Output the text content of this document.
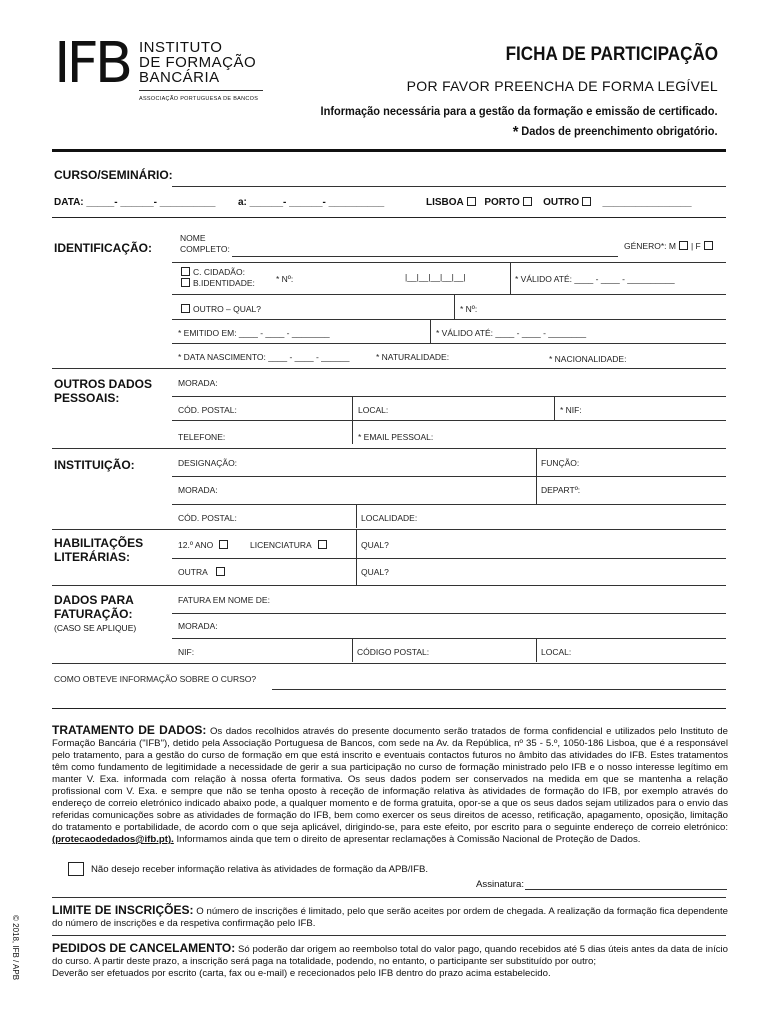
IFB INSTITUTO
DE FORMAÇÃO
BANCÁRIA
ASSOCIAÇÃO PORTUGUESA DE BANCOS
FICHA DE PARTICIPAÇÃO
POR FAVOR PREENCHA DE FORMA LEGÍVEL
Informação necessária para a gestão da formação e emissão de certificado.
* Dados de preenchimento obrigatório.
CURSO/SEMINÁRIO:
DATA: _____- ______- __________ a: ______- ______- __________	LISBOA PORTO OUTRO ________________
IDENTIFICAÇÃO:
NOME
COMPLETO:	GÉNERO*: M | F
C. CIDADÃO:
B.IDENTIDADE: * Nº:	|__|__|__|__|__|	* VÁLIDO ATÉ: ____ - ____ - __________
OUTRO – QUAL?	* Nº:
* EMITIDO EM: ____ - ____ - ________	* VÁLIDO ATÉ: ____ - ____ - ________
* DATA NASCIMENTO: ____ - ____ - ______	* NATURALIDADE:	* NACIONALIDADE:
OUTROS DADOS
PESSOAIS:
MORADA:
CÓD. POSTAL:	LOCAL:	* NIF:
TELEFONE:	* EMAIL PESSOAL:
INSTITUIÇÃO:	DESIGNAÇÃO:	FUNÇÃO:
MORADA:	DEPARTº:
CÓD. POSTAL:	LOCALIDADE:
HABILITAÇÕES
LITERÁRIAS:
12.º ANO	LICENCIATURA	QUAL?
OUTRA	QUAL?
DADOS PARA
FATURAÇÃO:
(CASO SE APLIQUE)
FATURA EM NOME DE:
MORADA:
NIF:	CÓDIGO POSTAL:	LOCAL:
COMO OBTEVE INFORMAÇÃO SOBRE O CURSO?
TRATAMENTO DE DADOS: Os dados recolhidos através do presente documento serão tratados de forma confidencial e utilizados pelo Instituto de Formação Bancária ("IFB"), detido pela Associação Portuguesa de Bancos, com sede na Av. da República, nº 35 - 5.º, 1050-186 Lisboa, que é a responsável pelo tratamento, para a gestão do curso de formação em que está inscrito e eventuais contactos futuros no âmbito das atividades do IFB. Estes tratamentos têm como fundamento de legitimidade a necessidade de gerir a sua participação no curso de formação ministrado pelo IFB e o nosso interesse legítimo em manter V. Exa. informada com relação à nossa oferta formativa. Os seus dados podem ser conservados na medida em que se mantenha a relação profissional com V. Exa. e sempre que não se tenha oposto à receção de informação relativa às atividades de formação do IFB, por exemplo através do endereço de correio eletrónico indicado abaixo pode, a qualquer momento e de forma gratuita, opor-se a que os seus dados sejam utilizados para o envio das referidas comunicações sobre as atividades de formação do IFB, bem como exercer os seus direitos de acesso, retificação, apagamento, oposição, limitação do tratamento e portabilidade, de acordo com o que seja aplicável, dirigindo-se, para este efeito, por escrito para o seguinte endereço de correio eletrónico: (protecaodedados@ifb.pt). Informamos ainda que tem o direito de apresentar reclamações à Comissão Nacional de Proteção de Dados.
Não desejo receber informação relativa às atividades de formação da APB/IFB.
Assinatura:
LIMITE DE INSCRIÇÕES: O número de inscrições é limitado, pelo que serão aceites por ordem de chegada. A realização da formação fica dependente do número de inscrições e da respetiva confirmação pelo IFB.
PEDIDOS DE CANCELAMENTO: Só poderão dar origem ao reembolso total do valor pago, quando recebidos até 5 dias úteis antes da data de início do curso. A partir deste prazo, a inscrição será paga na totalidade, podendo, no entanto, o participante ser substituído por outro;
Deverão ser efetuados por escrito (carta, fax ou e-mail) e rececionados pelo IFB dentro do prazo acima estabelecido.
© 2018, IFB / APB
